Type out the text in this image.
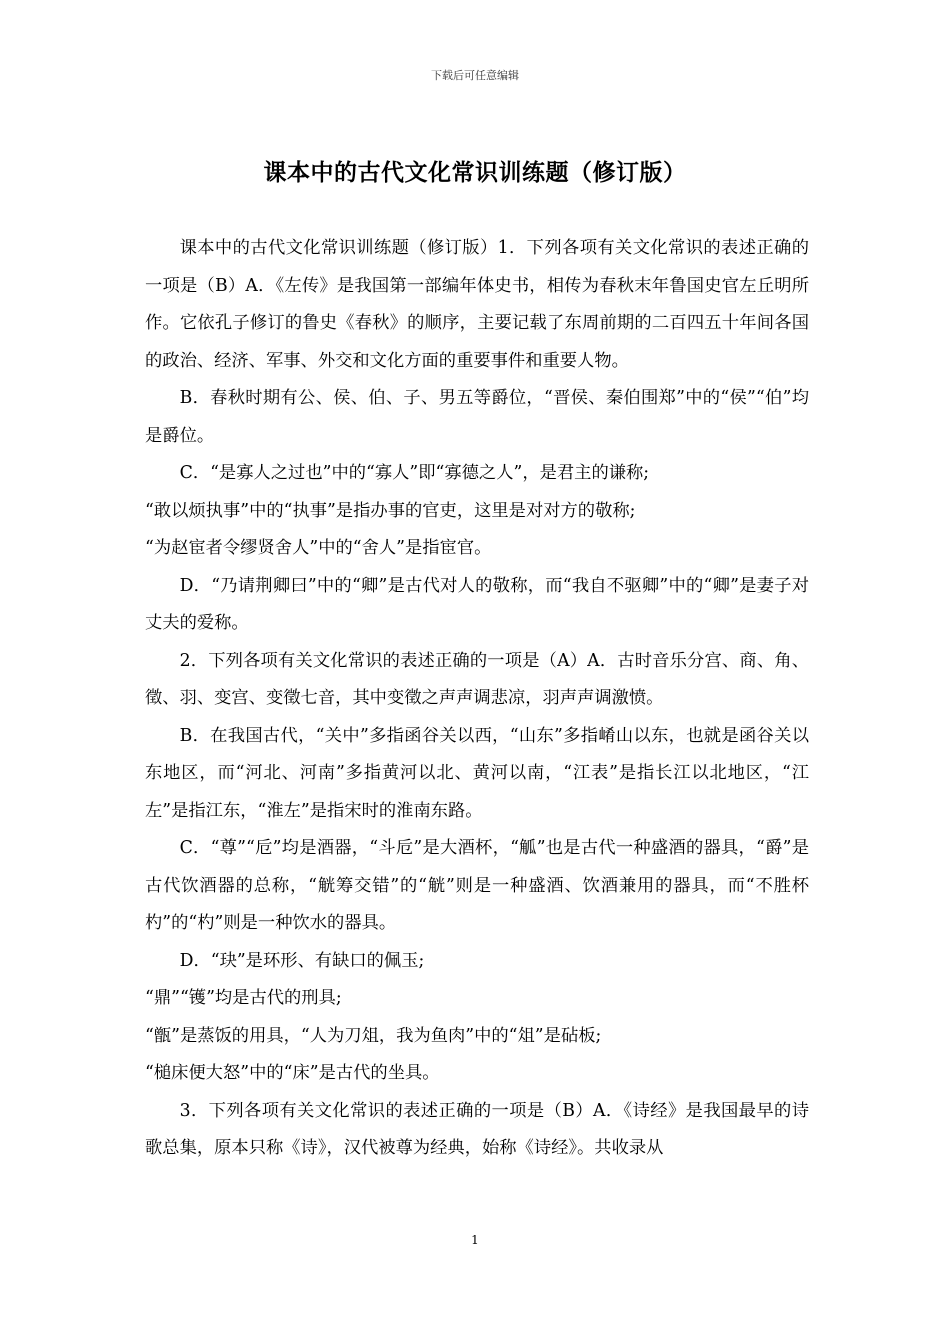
下载后可任意编辑
课本中的古代文化常识训练题（修订版）

课本中的古代文化常识训练题（修订版）1．下列各项有关文化常识的表述正确的一项是（B）A．《左传》是我国第一部编年体史书，相传为春秋末年鲁国史官左丘明所作。它依孔子修订的鲁史《春秋》的顺序，主要记载了东周前期的二百四五十年间各国的政治、经济、军事、外交和文化方面的重要事件和重要人物。

B．春秋时期有公、侯、伯、子、男五等爵位，“晋侯、秦伯围郑”中的“侯”“伯”均是爵位。

C．“是寡人之过也”中的“寡人”即“寡德之人”，是君主的谦称;

“敢以烦执事”中的“执事”是指办事的官吏，这里是对对方的敬称;

“为赵宦者令缪贤舍人”中的“舍人”是指宦官。

D．“乃请荆卿曰”中的“卿”是古代对人的敬称，而“我自不驱卿”中的“卿”是妻子对丈夫的爱称。

2．下列各项有关文化常识的表述正确的一项是（A）A．古时音乐分宫、商、角、徵、羽、变宫、变徵七音，其中变徵之声声调悲凉，羽声声调激愤。

B．在我国古代，“关中”多指函谷关以西，“山东”多指崤山以东，也就是函谷关以东地区，而“河北、河南”多指黄河以北、黄河以南，“江表”是指长江以北地区，“江左”是指江东，“淮左”是指宋时的淮南东路。

C．“尊”“卮”均是酒器，“斗卮”是大酒杯，“觚”也是古代一种盛酒的器具，“爵”是古代饮酒器的总称，“觥筹交错”的“觥”则是一种盛酒、饮酒兼用的器具，而“不胜杯杓”的“杓”则是一种饮水的器具。

D．“玦”是环形、有缺口的佩玉;

“鼎”“镬”均是古代的刑具;

“甑”是蒸饭的用具，“人为刀俎，我为鱼肉”中的“俎”是砧板;

“槌床便大怒”中的“床”是古代的坐具。

3．下列各项有关文化常识的表述正确的一项是（B）A．《诗经》是我国最早的诗歌总集，原本只称《诗》，汉代被尊为经典，始称《诗经》。共收录从

1
